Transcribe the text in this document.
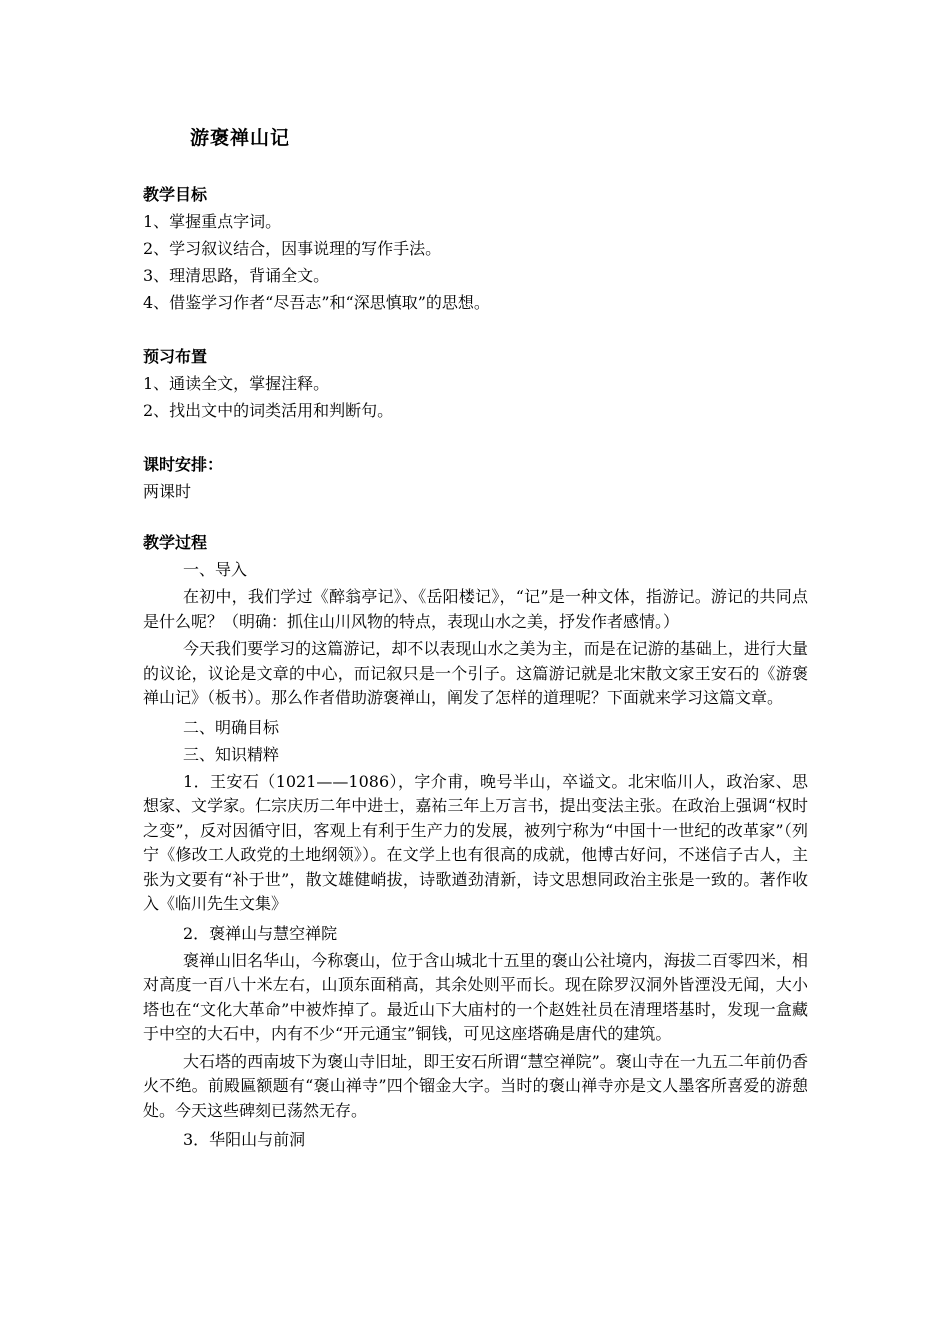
游褒禅山记
教学目标
1、掌握重点字词。
2、学习叙议结合，因事说理的写作手法。
3、理清思路，背诵全文。
4、借鉴学习作者“尽吾志”和“深思慎取”的思想。
预习布置
1、通读全文，掌握注释。
2、找出文中的词类活用和判断句。
课时安排：
两课时
教学过程
一、导入

在初中，我们学过《醉翁亭记》、《岳阳楼记》，“记”是一种文体，指游记。游记的共同点是什么呢？（明确：抓住山川风物的特点，表现山水之美，抒发作者感情。）

今天我们要学习的这篇游记，却不以表现山水之美为主，而是在记游的基础上，进行大量的议论，议论是文章的中心，而记叙只是一个引子。这篇游记就是北宋散文家王安石的《游褒禅山记》（板书）。那么作者借助游褒禅山，阐发了怎样的道理呢？下面就来学习这篇文章。

二、明确目标
三、知识精粹

1．王安石（1021——1086），字介甫，晚号半山，卒谥文。北宋临川人，政治家、思想家、文学家。仁宗庆历二年中进士，嘉祐三年上万言书，提出变法主张。在政治上强调“权时之变”，反对因循守旧，客观上有利于生产力的发展，被列宁称为“中国十一世纪的改革家”（列宁《修改工人政党的土地纲领》）。在文学上也有很高的成就，他博古好问，不迷信子古人，主张为文要有“补于世”，散文雄健峭拔，诗歌遒劲清新，诗文思想同政治主张是一致的。著作收入《临川先生文集》

2．褒禅山与慧空禅院

褒禅山旧名华山，今称褒山，位于含山城北十五里的褒山公社境内，海拔二百零四米，相对高度一百八十米左右，山顶东面稍高，其余处则平而长。现在除罗汉洞外皆湮没无闻，大小塔也在“文化大革命”中被炸掉了。最近山下大庙村的一个赵姓社员在清理塔基时，发现一盒藏于中空的大石中，内有不少“开元通宝”铜钱，可见这座塔确是唐代的建筑。

大石塔的西南坡下为褒山寺旧址，即王安石所谓“慧空禅院”。褒山寺在一九五二年前仍香火不绝。前殿匾额题有“褒山禅寺”四个镏金大字。当时的褒山禅寺亦是文人墨客所喜爱的游憩处。今天这些碑刻已荡然无存。

3．华阳山与前洞
